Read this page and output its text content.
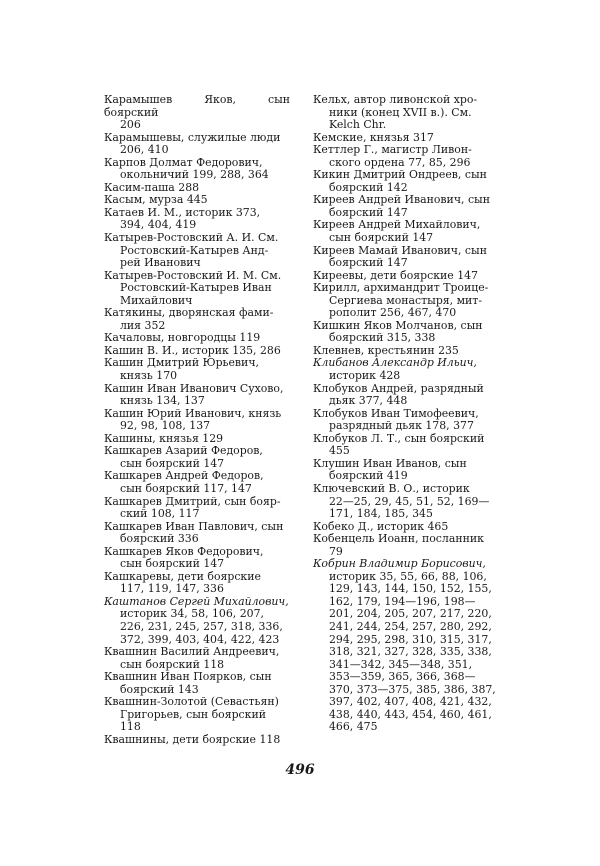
Карамышев Яков, сын боярский
206
Карамышевы, служилые люди
206, 410
Карпов Долмат Федорович,
окольничий 199, 288, 364
Касим-паша 288
Касым, мурза 445
Катаев И. М., историк 373,
394, 404, 419
Катырев-Ростовский А. И. См.
Ростовский-Катырев Анд-
рей Иванович
Катырев-Ростовский И. М. См.
Ростовский-Катырев Иван
Михайлович
Катякины, дворянская фами-
лия 352
Качаловы, новгородцы 119
Кашин В. И., историк 135, 286
Кашин Дмитрий Юрьевич,
князь 170
Кашин Иван Иванович Сухово,
князь 134, 137
Кашин Юрий Иванович, князь
92, 98, 108, 137
Кашины, князья 129
Кашкарев Азарий Федоров,
сын боярский 147
Кашкарев Андрей Федоров,
сын боярский 117, 147
Кашкарев Дмитрий, сын бояр-
ский 108, 117
Кашкарев Иван Павлович, сын
боярский 336
Кашкарев Яков Федорович,
сын боярский 147
Кашкаревы, дети боярские
117, 119, 147, 336
Каштанов Сергей Михайлович,
историк 34, 58, 106, 207,
226, 231, 245, 257, 318, 336,
372, 399, 403, 404, 422, 423
Квашнин Василий Андреевич,
сын боярский 118
Квашнин Иван Поярков, сын
боярский 143
Квашнин-Золотой (Севастьян)
Григорьев, сын боярский
118
Квашнины, дети боярские 118
Кельх, автор ливонской хро-
ники (конец XVII в.). См.
Kelch Chr.
Кемские, князья 317
Кеттлер Г., магистр Ливон-
ского ордена 77, 85, 296
Кикин Дмитрий Ондреев, сын
боярский 142
Киреев Андрей Иванович, сын
боярский 147
Киреев Андрей Михайлович,
сын боярский 147
Киреев Мамай Иванович, сын
боярский 147
Киреевы, дети боярские 147
Кирилл, архимандрит Троице-
Сергиева монастыря, мит-
рополит 256, 467, 470
Кишкин Яков Молчанов, сын
боярский 315, 338
Клевнев, крестьянин 235
Клибанов Александр Ильич,
историк 428
Клобуков Андрей, разрядный
дьяк 377, 448
Клобуков Иван Тимофеевич,
разрядный дьяк 178, 377
Клобуков Л. Т., сын боярский
455
Клушин Иван Иванов, сын
боярский 419
Ключевский В. О., историк
22—25, 29, 45, 51, 52, 169—
171, 184, 185, 345
Кобеко Д., историк 465
Кобенцель Иоанн, посланник
79
Кобрин Владимир Борисович,
историк 35, 55, 66, 88, 106,
129, 143, 144, 150, 152, 155,
162, 179, 194—196, 198—
201, 204, 205, 207, 217, 220,
241, 244, 254, 257, 280, 292,
294, 295, 298, 310, 315, 317,
318, 321, 327, 328, 335, 338,
341—342, 345—348, 351,
353—359, 365, 366, 368—
370, 373—375, 385, 386, 387,
397, 402, 407, 408, 421, 432,
438, 440, 443, 454, 460, 461,
466, 475
496
